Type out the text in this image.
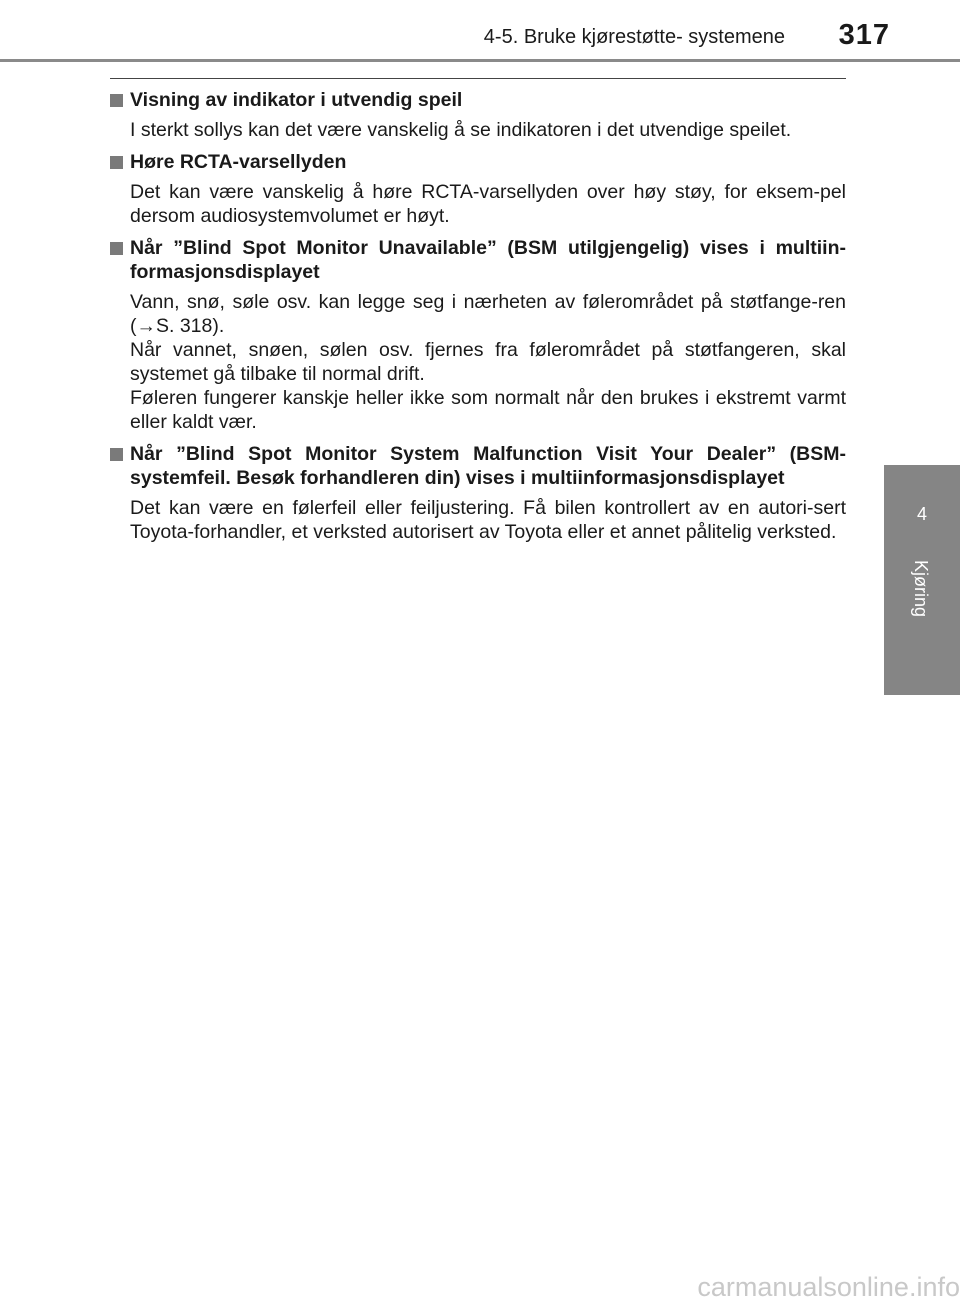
4-5. Bruke kjørestøtte- systemene	317
4
Kjøring
Visning av indikator i utvendig speil

I sterkt sollys kan det være vanskelig å se indikatoren i det utvendige speilet.

Høre RCTA-varsellyden

Det kan være vanskelig å høre RCTA-varsellyden over høy støy, for eksem-pel dersom audiosystemvolumet er høyt.

Når ”Blind Spot Monitor Unavailable” (BSM utilgjengelig) vises i multiin-formasjonsdisplayet
Vann, snø, søle osv. kan legge seg i nærheten av følerområdet på støtfange-ren (→S. 318).
Når vannet, snøen, sølen osv. fjernes fra følerområdet på støtfangeren, skal systemet gå tilbake til normal drift.
Føleren fungerer kanskje heller ikke som normalt når den brukes i ekstremt varmt eller kaldt vær.
Når ”Blind Spot Monitor System Malfunction Visit Your Dealer” (BSM-systemfeil. Besøk forhandleren din) vises i multiinformasjonsdisplayet

Det kan være en følerfeil eller feiljustering. Få bilen kontrollert av en autori-sert Toyota-forhandler, et verksted autorisert av Toyota eller et annet pålitelig verksted.

carmanualsonline.info
